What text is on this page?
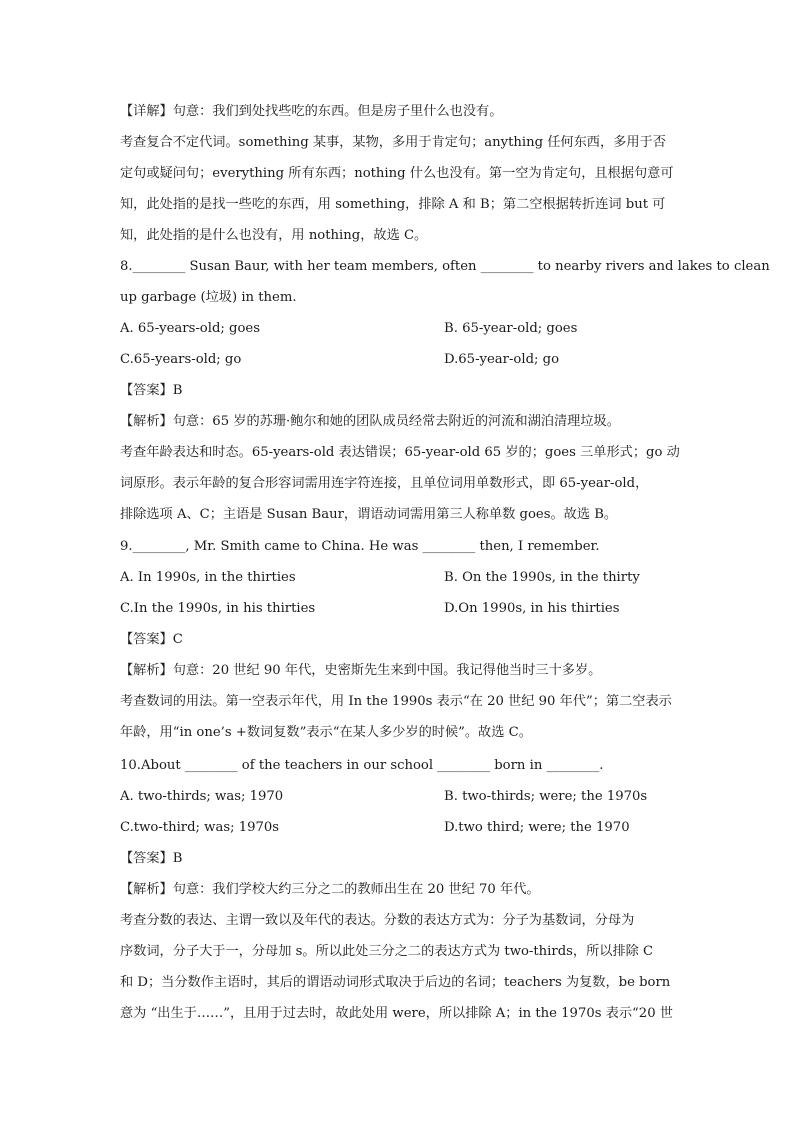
【详解】句意：我们到处找些吃的东西。但是房子里什么也没有。
考查复合不定代词。something 某事，某物，多用于肯定句；anything 任何东西，多用于否
定句或疑问句；everything 所有东西；nothing 什么也没有。第一空为肯定句，且根据句意可
知，此处指的是找一些吃的东西，用 something，排除 A 和 B；第二空根据转折连词 but 可
知，此处指的是什么也没有，用 nothing，故选 C。
8.________ Susan Baur, with her team members, often ________ to nearby rivers and lakes to clean
up garbage (垃圾) in them.
A. 65-years-old; goes	B. 65-year-old; goes
C.65-years-old; go	D.65-year-old; go
【答案】B
【解析】句意：65 岁的苏珊·鲍尔和她的团队成员经常去附近的河流和湖泊清理垃圾。
考查年龄表达和时态。65-years-old 表达错误；65-year-old 65 岁的；goes 三单形式；go 动
词原形。表示年龄的复合形容词需用连字符连接，且单位词用单数形式，即 65-year-old，
排除选项 A、C；主语是 Susan Baur，谓语动词需用第三人称单数 goes。故选 B。
9.________, Mr. Smith came to China. He was ________ then, I remember.
A. In 1990s, in the thirties	B. On the 1990s, in the thirty
C.In the 1990s, in his thirties	D.On 1990s, in his thirties
【答案】C
【解析】句意：20 世纪 90 年代，史密斯先生来到中国。我记得他当时三十多岁。
考查数词的用法。第一空表示年代，用 In the 1990s 表示“在 20 世纪 90 年代”；第二空表示
年龄，用“in one’s +数词复数”表示“在某人多少岁的时候”。故选 C。
10.About ________ of the teachers in our school ________ born in ________.
A. two-thirds; was; 1970	B. two-thirds; were; the 1970s
C.two-third; was; 1970s	D.two third; were; the 1970
【答案】B
【解析】句意：我们学校大约三分之二的教师出生在 20 世纪 70 年代。
考查分数的表达、主谓一致以及年代的表达。分数的表达方式为：分子为基数词，分母为
序数词，分子大于一，分母加 s。所以此处三分之二的表达方式为 two-thirds，所以排除 C
和 D；当分数作主语时，其后的谓语动词形式取决于后边的名词；teachers 为复数，be born
意为 “出生于……”，且用于过去时，故此处用 were，所以排除 A；in the 1970s 表示“20 世
